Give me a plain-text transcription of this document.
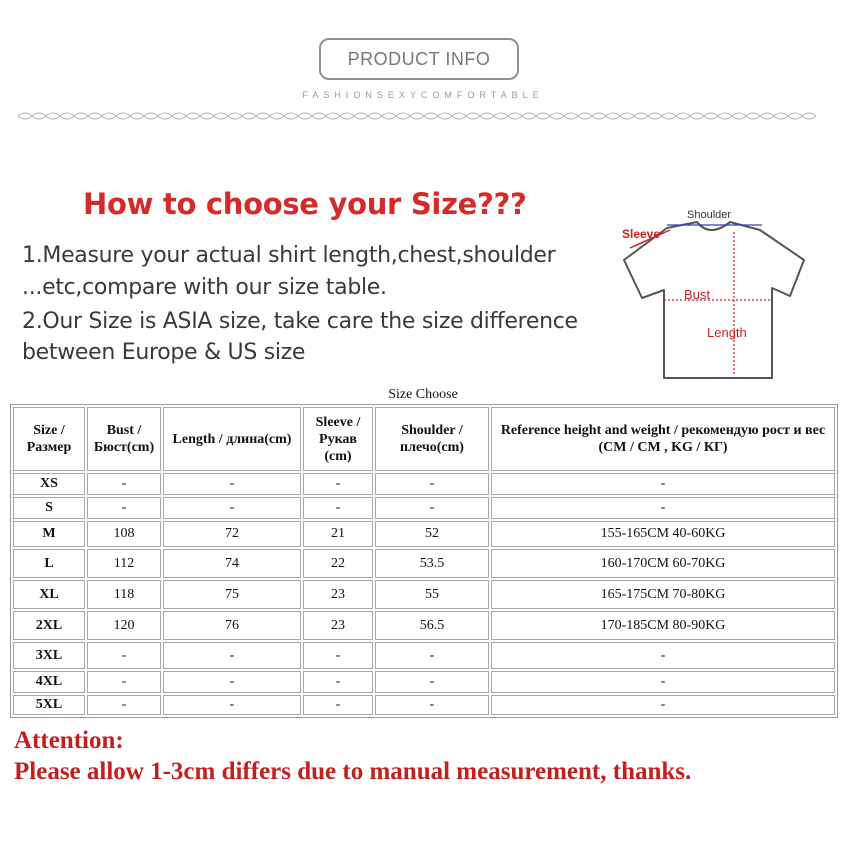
PRODUCT INFO
FASHIONSEXYCOMFORTABLE
How to choose your Size???
1.Measure your actual shirt length,chest,shoulder
...etc,compare with our size table.
2.Our Size is ASIA size, take care the size difference
between Europe & US size
Shoulder
Sleeve
Bust
Length
Size Choose
Size / Размер	Bust / Бюст(cm)	Length / длина(cm)	Sleeve / Рукав (cm)	Shoulder / плечо(cm)	Reference height and weight / рекомендую рост и вес (CM / CM , KG / КГ)
XS	-	-	-	-	-
S	-	-	-	-	-
M	108	72	21	52	155-165CM 40-60KG
L	112	74	22	53.5	160-170CM 60-70KG
XL	118	75	23	55	165-175CM 70-80KG
2XL	120	76	23	56.5	170-185CM 80-90KG
3XL	-	-	-	-	-
4XL	-	-	-	-	-
5XL	-	-	-	-	-
Attention:
Please allow 1-3cm differs due to manual measurement, thanks.
